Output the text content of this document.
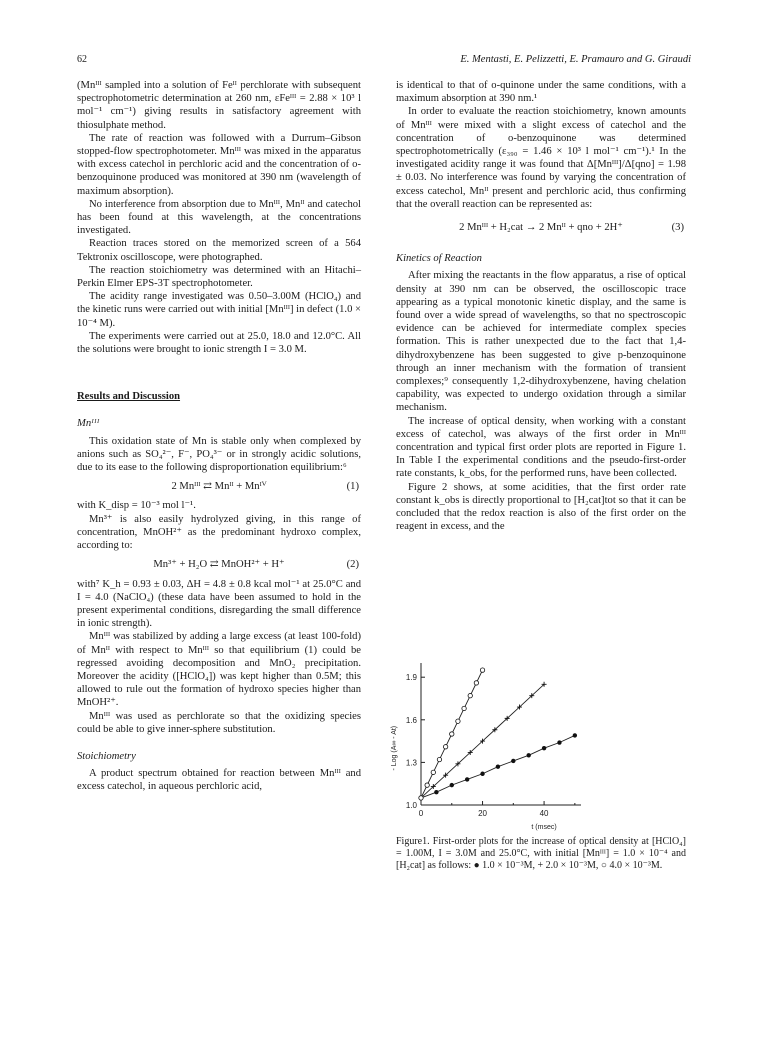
62	E. Mentasti, E. Pelizzetti, E. Pramauro and G. Giraudi

(Mnᴵᴵᴵ sampled into a solution of Feᴵᴵ perchlorate with subsequent spectrophotometric determination at 260 nm, εFeᴵᴵᴵ = 2.88 × 10³ l mol⁻¹ cm⁻¹) giving results in satisfactory agreement with thiosulphate method.

The rate of reaction was followed with a Durrum–Gibson stopped-flow spectrophotometer. Mnᴵᴵᴵ was mixed in the apparatus with excess catechol in perchloric acid and the concentration of o-benzoquinone produced was monitored at 390 nm (wavelength of maximum absorption).

No interference from absorption due to Mnᴵᴵᴵ, Mnᴵᴵ and catechol has been found at this wavelength, at the concentrations investigated.

Reaction traces stored on the memorized screen of a 564 Tektronix oscilloscope, were photographed.

The reaction stoichiometry was determined with an Hitachi–Perkin Elmer EPS-3T spectrophotometer.

The acidity range investigated was 0.50–3.00M (HClO₄) and the kinetic runs were carried out with initial [Mnᴵᴵᴵ] in defect (1.0 × 10⁻⁴ M).

The experiments were carried out at 25.0, 18.0 and 12.0°C. All the solutions were brought to ionic strength I = 3.0 M.

Results and Discussion
Mnᴵᴵᴵ

This oxidation state of Mn is stable only when complexed by anions such as SO₄²⁻, F⁻, PO₄³⁻ or in strongly acidic solutions, due to its ease to the following disproportionation equilibrium:⁶

2 Mnᴵᴵᴵ ⇄ Mnᴵᴵ + Mnᴵⱽ	(1)

with K_disp = 10⁻³ mol l⁻¹.

Mn³⁺ is also easily hydrolyzed giving, in this range of concentration, MnOH²⁺ as the predominant hydroxo complex, according to:

Mn³⁺ + H₂O ⇄ MnOH²⁺ + H⁺	(2)

with⁷ K_h = 0.93 ± 0.03, ΔH = 4.8 ± 0.8 kcal mol⁻¹ at 25.0°C and I = 4.0 (NaClO₄) (these data have been assumed to hold in the present experimental conditions, disregarding the small difference in ionic strength).

Mnᴵᴵᴵ was stabilized by adding a large excess (at least 100-fold) of Mnᴵᴵ with respect to Mnᴵᴵᴵ so that equilibrium (1) could be regressed avoiding decomposition and MnO₂ precipitation. Moreover the acidity ([HClO₄]) was kept higher than 0.5M; this allowed to rule out the formation of hydroxo species higher than MnOH²⁺.

Mnᴵᴵᴵ was used as perchlorate so that the oxidizing species could be able to give inner-sphere substitution.

Stoichiometry

A product spectrum obtained for reaction between Mnᴵᴵᴵ and excess catechol, in aqueous perchloric acid,

is identical to that of o-quinone under the same conditions, with a maximum absorption at 390 nm.¹

In order to evaluate the reaction stoichiometry, known amounts of Mnᴵᴵᴵ were mixed with a slight excess of catechol and the concentration of o-benzoquinone was determined spectrophotometrically (ε₃₉₀ = 1.46 × 10³ l mol⁻¹ cm⁻¹).¹ In the investigated acidity range it was found that Δ[Mnᴵᴵᴵ]/Δ[qno] = 1.98 ± 0.03. No interference was found by varying the concentration of excess catechol, Mnᴵᴵ present and perchloric acid, thus confirming that the overall reaction can be represented as:

2 Mnᴵᴵᴵ + H₂cat → 2 Mnᴵᴵ + qno + 2H⁺	(3)
Kinetics of Reaction

After mixing the reactants in the flow apparatus, a rise of optical density at 390 nm can be observed, the oscilloscopic trace appearing as a typical monotonic kinetic display, and the same is found over a wide spread of wavelengths, so that no spectroscopic evidence can be achieved for intermediate complex species formation. This is rather unexpected due to the fact that 1,4-dihydroxybenzene has been suggested to give p-benzoquinone through an inner mechanism with the formation of transient complexes;⁹ consequently 1,2-dihydroxybenzene, having chelation capability, was expected to undergo oxidation through a similar mechanism.

The increase of optical density, when working with a constant excess of catechol, was always of the first order in Mnᴵᴵᴵ concentration and typical first order plots are reported in Figure 1. In Table I the experimental conditions and the pseudo-first-order rate constants, k_obs, for the performed runs, have been collected.

Figure 2 shows, at some acidities, that the first order rate constant k_obs is directly proportional to [H₂cat]tot so that it can be concluded that the redox reaction is also of the first order on the reagent in excess, and the

0	20	40
1.0
1.3
1.6
1.9
t (msec)
- Log (A∞ - At)
Figure1. First-order plots for the increase of optical density at [HClO₄] = 1.00M, I = 3.0M and 25.0°C, with initial [Mnᴵᴵᴵ] = 1.0 × 10⁻⁴ and [H₂cat] as follows: ● 1.0 × 10⁻³M, + 2.0 × 10⁻³M, ○ 4.0 × 10⁻³M.
